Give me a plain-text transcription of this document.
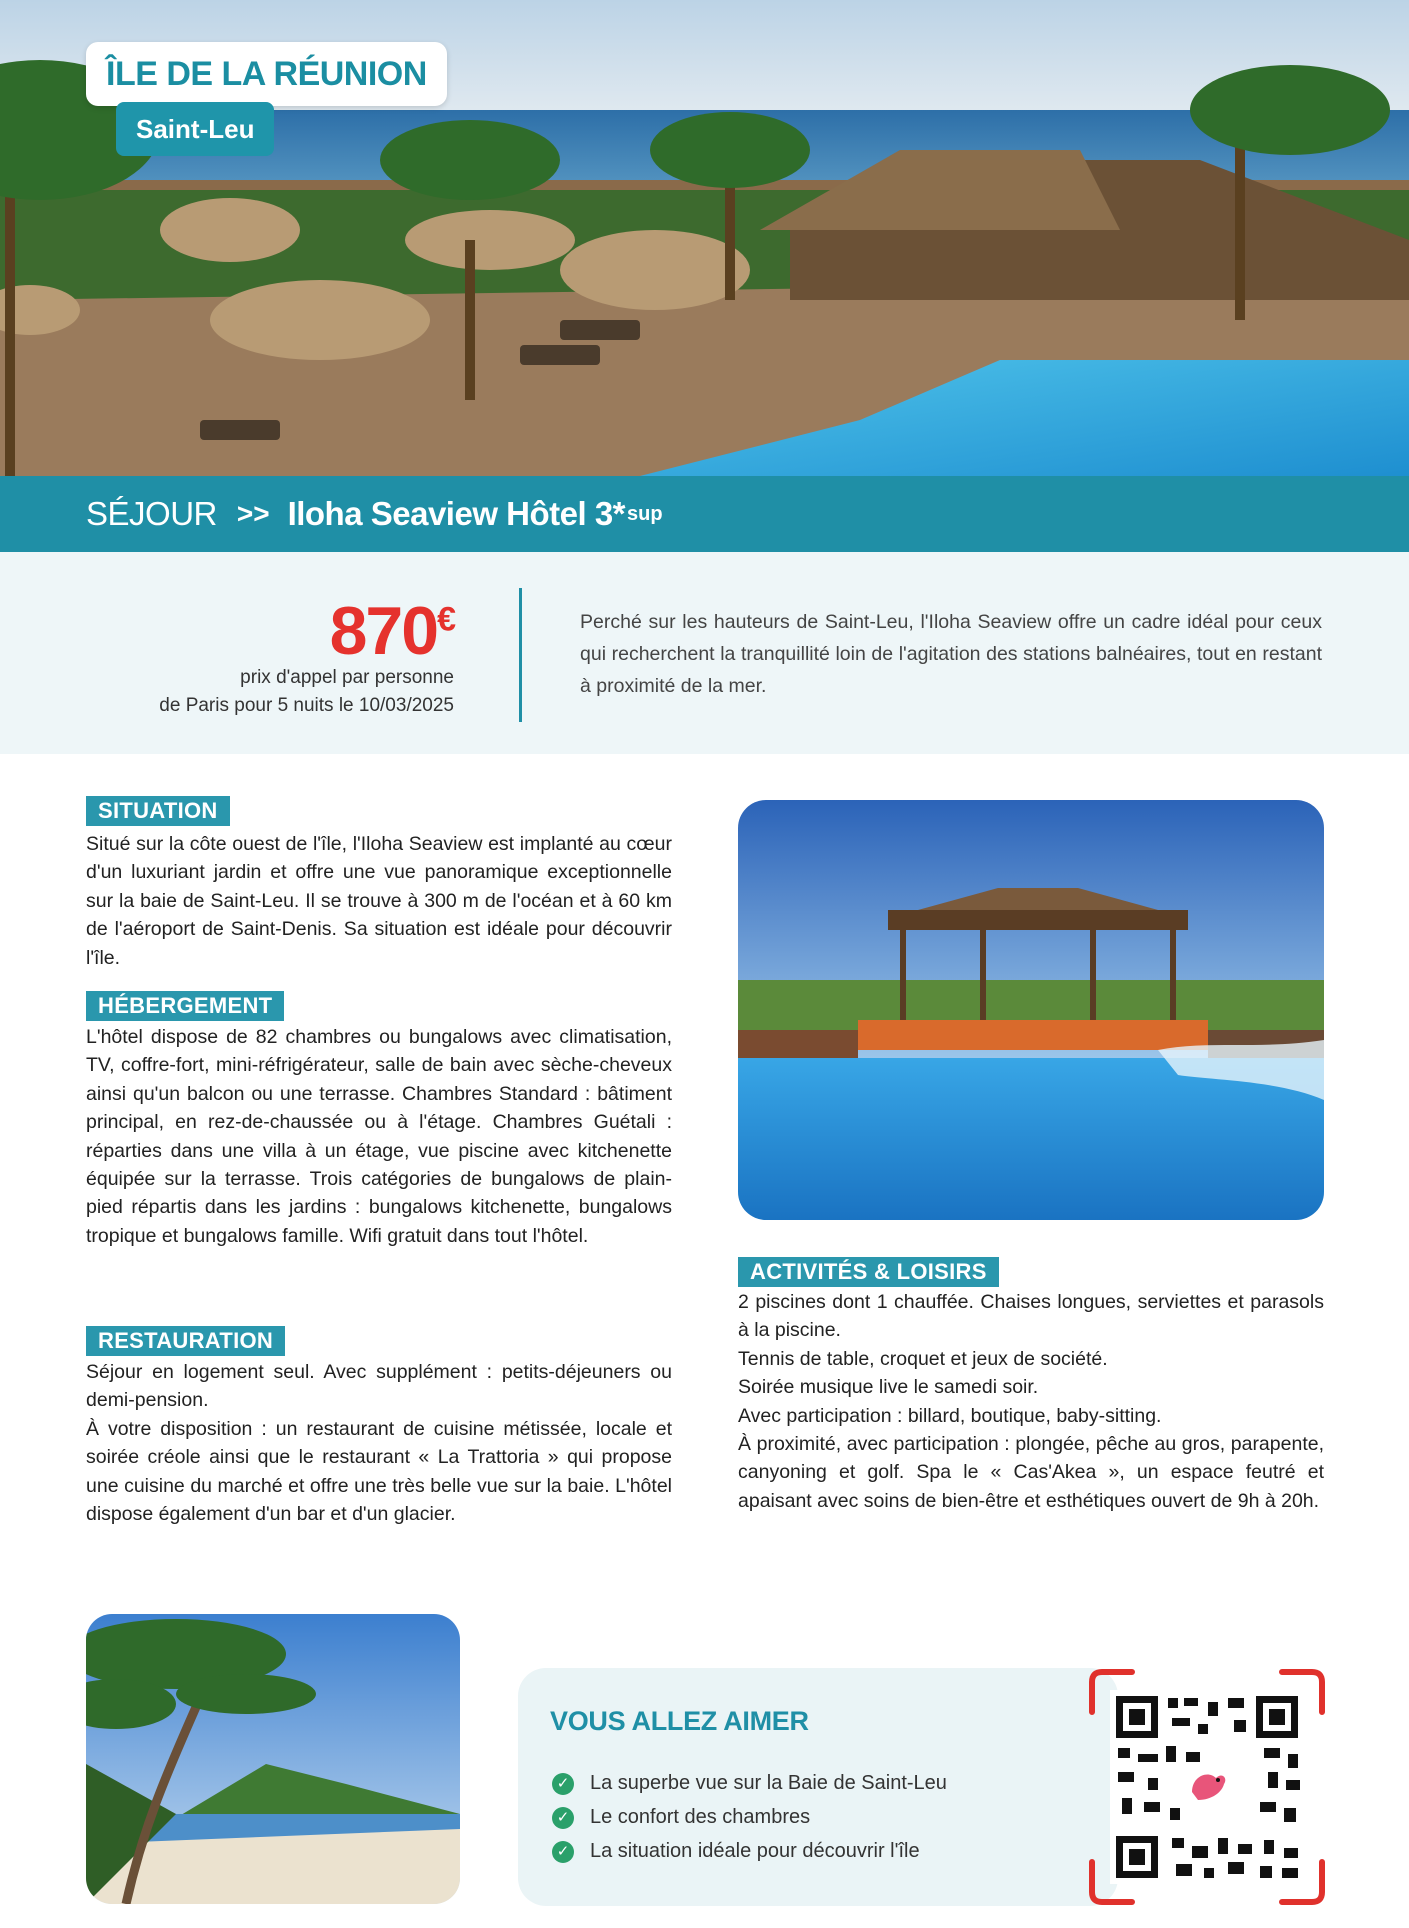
ÎLE DE LA RÉUNION
Saint-Leu
SÉJOUR >> Iloha Seaview Hôtel 3* sup
870€
prix d'appel par personne
de Paris pour 5 nuits le 10/03/2025
Perché sur les hauteurs de Saint-Leu, l'Iloha Seaview offre un cadre idéal pour ceux qui recherchent la tranquillité loin de l'agitation des stations balnéaires, tout en restant à proximité de la mer.
SITUATION
Situé sur la côte ouest de l'île, l'Iloha Seaview est implanté au cœur d'un luxuriant jardin et offre une vue panoramique exceptionnelle sur la baie de Saint-Leu. Il se trouve à 300 m de l'océan et à 60 km de l'aéroport de Saint-Denis. Sa situation est idéale pour découvrir l'île.
HÉBERGEMENT
L'hôtel dispose de 82 chambres ou bungalows avec climatisation, TV, coffre-fort, mini-réfrigérateur, salle de bain avec sèche-cheveux ainsi qu'un balcon ou une terrasse. Chambres Standard : bâtiment principal, en rez-de-chaussée ou à l'étage. Chambres Guétali : réparties dans une villa à un étage, vue piscine avec kitchenette équipée sur la terrasse. Trois catégories de bungalows de plain-pied répartis dans les jardins : bungalows kitchenette, bungalows tropique et bungalows famille. Wifi gratuit dans tout l'hôtel.
RESTAURATION

Séjour en logement seul. Avec supplément : petits-déjeuners ou demi-pension.

À votre disposition : un restaurant de cuisine métissée, locale et soirée créole ainsi que le restaurant « La Trattoria » qui propose une cuisine du marché et offre une très belle vue sur la baie. L'hôtel dispose également d'un bar et d'un glacier.

ACTIVITÉS & LOISIRS

2 piscines dont 1 chauffée. Chaises longues, serviettes et parasols à la piscine.

Tennis de table, croquet et jeux de société.

Soirée musique live le samedi soir.

Avec participation : billard, boutique, baby-sitting.

À proximité, avec participation : plongée, pêche au gros, parapente, canyoning et golf. Spa le « Cas'Akea », un espace feutré et apaisant avec soins de bien-être et esthétiques ouvert de 9h à 20h.

VOUS ALLEZ AIMER
✓ La superbe vue sur la Baie de Saint-Leu
✓ Le confort des chambres
✓ La situation idéale pour découvrir l'île
